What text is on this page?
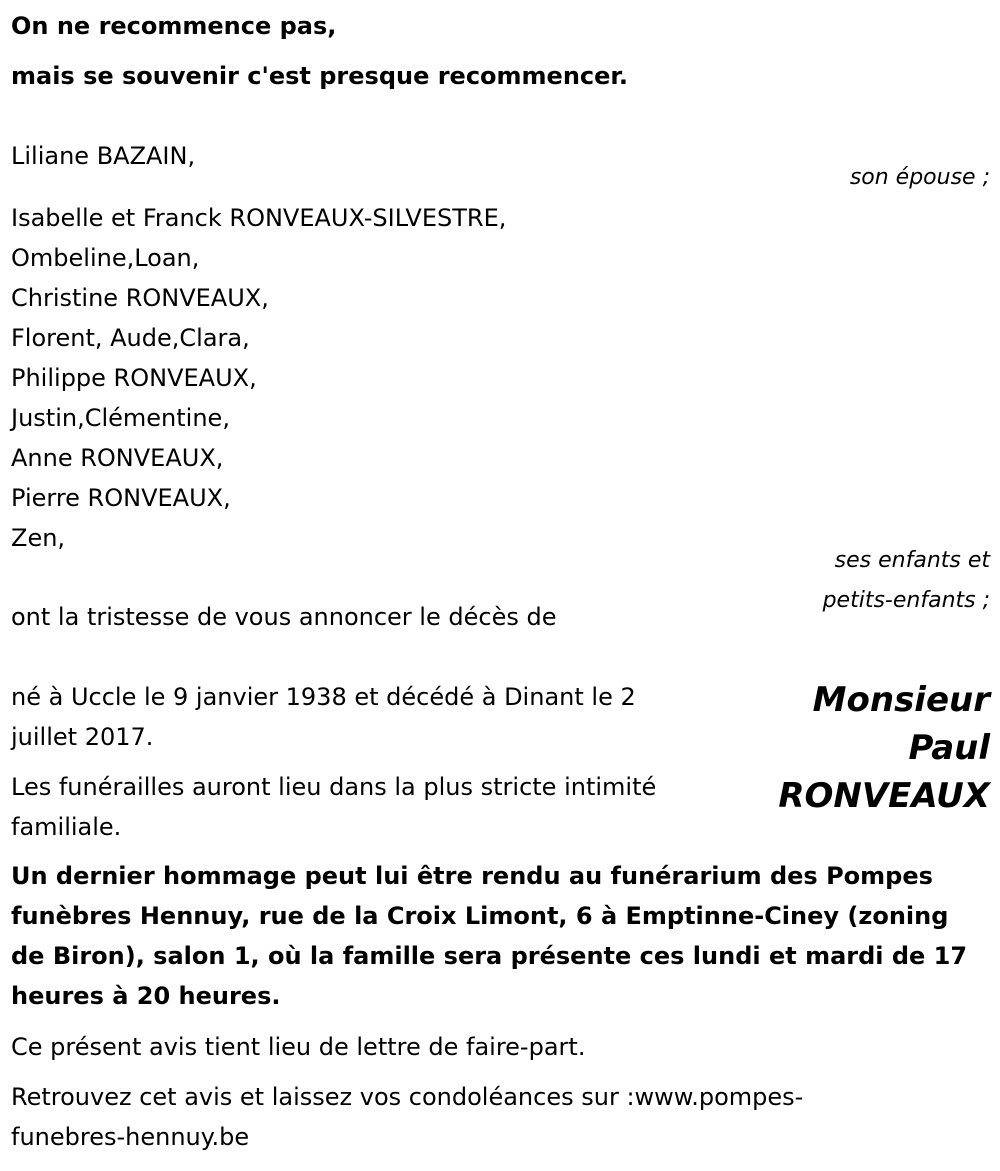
On ne recommence pas,
mais se souvenir c'est presque recommencer.
Liliane BAZAIN,
son épouse ;
Isabelle et Franck RONVEAUX-SILVESTRE,
Ombeline,Loan,
Christine RONVEAUX,
Florent, Aude,Clara,
Philippe RONVEAUX,
Justin,Clémentine,
Anne RONVEAUX,
Pierre RONVEAUX,
Zen,
ses enfants et
petits-enfants ;
ont la tristesse de vous annoncer le décès de
Monsieur
Paul
RONVEAUX
né à Uccle le 9 janvier 1938 et décédé à Dinant le 2
juillet 2017.
Les funérailles auront lieu dans la plus stricte intimité
familiale.
Un dernier hommage peut lui être rendu au funérarium des Pompes
funèbres Hennuy, rue de la Croix Limont, 6 à Emptinne-Ciney (zoning
de Biron), salon 1, où la famille sera présente ces lundi et mardi de 17
heures à 20 heures.
Ce présent avis tient lieu de lettre de faire-part.
Retrouvez cet avis et laissez vos condoléances sur :www.pompes-
funebres-hennuy.be
